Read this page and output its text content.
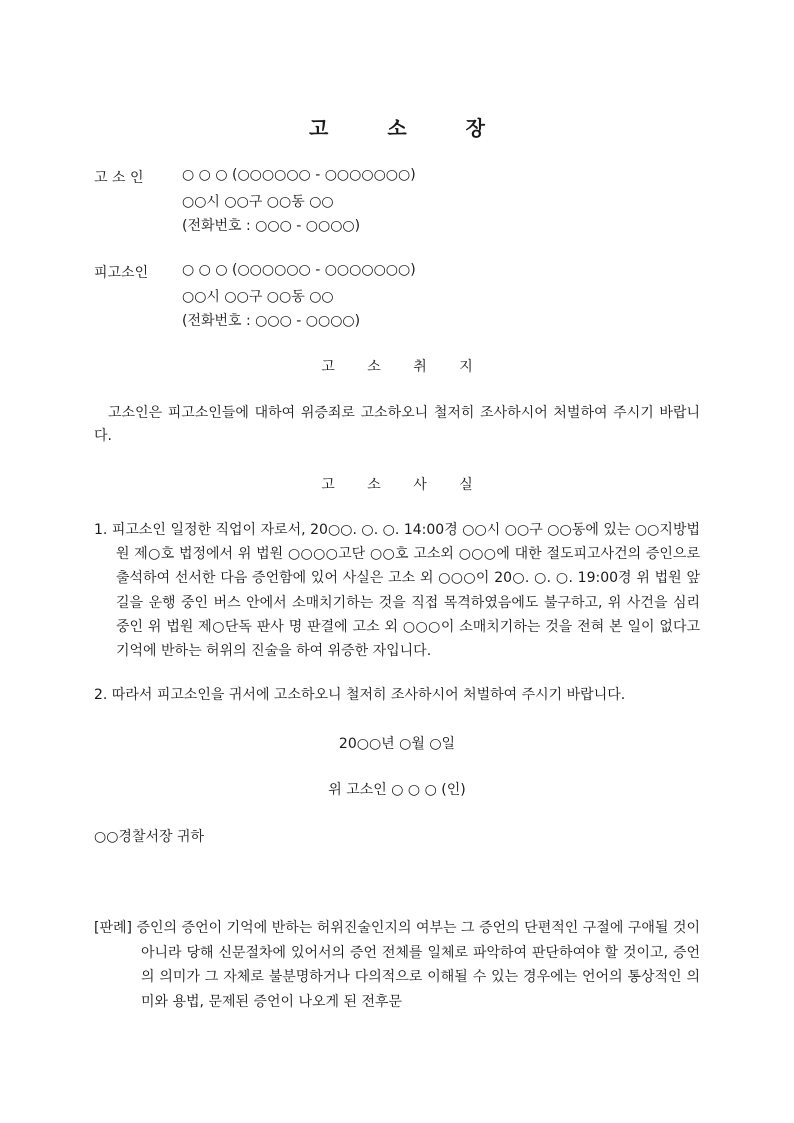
고 소 장
고 소 인	○ ○ ○ (○○○○○○ - ○○○○○○○)
○○시 ○○구 ○○동 ○○
(전화번호 : ○○○ - ○○○○)
피고소인 ○ ○ ○ (○○○○○○ - ○○○○○○○)
○○시 ○○구 ○○동 ○○
(전화번호 : ○○○ - ○○○○)
고 소 취 지
고소인은 피고소인들에 대하여 위증죄로 고소하오니 철저히 조사하시어 처벌하여 주시기 바랍니다.
고 소 사 실
1. 피고소인 일정한 직업이 자로서, 20○○. ○. ○. 14:00경 ○○시 ○○구 ○○동에 있는 ○○지방법원 제○호 법정에서 위 법원 ○○○○고단 ○○호 고소외 ○○○에 대한 절도피고사건의 증인으로 출석하여 선서한 다음 증언함에 있어 사실은 고소 외 ○○○이 20○. ○. ○. 19:00경 위 법원 앞길을 운행 중인 버스 안에서 소매치기하는 것을 직접 목격하였음에도 불구하고, 위 사건을 심리중인 위 법원 제○단독 판사 명 판결에 고소 외 ○○○이 소매치기하는 것을 전혀 본 일이 없다고 기억에 반하는 허위의 진술을 하여 위증한 자입니다.
2. 따라서 피고소인을 귀서에 고소하오니 철저히 조사하시어 처벌하여 주시기 바랍니다.
20○○년 ○월 ○일
위 고소인 ○ ○ ○ (인)
○○경찰서장 귀하
[판례] 증인의 증언이 기억에 반하는 허위진술인지의 여부는 그 증언의 단편적인 구절에 구애될 것이 아니라 당해 신문절차에 있어서의 증언 전체를 일체로 파악하여 판단하여야 할 것이고, 증언의 의미가 그 자체로 불분명하거나 다의적으로 이해될 수 있는 경우에는 언어의 통상적인 의미와 용법, 문제된 증언이 나오게 된 전후문
